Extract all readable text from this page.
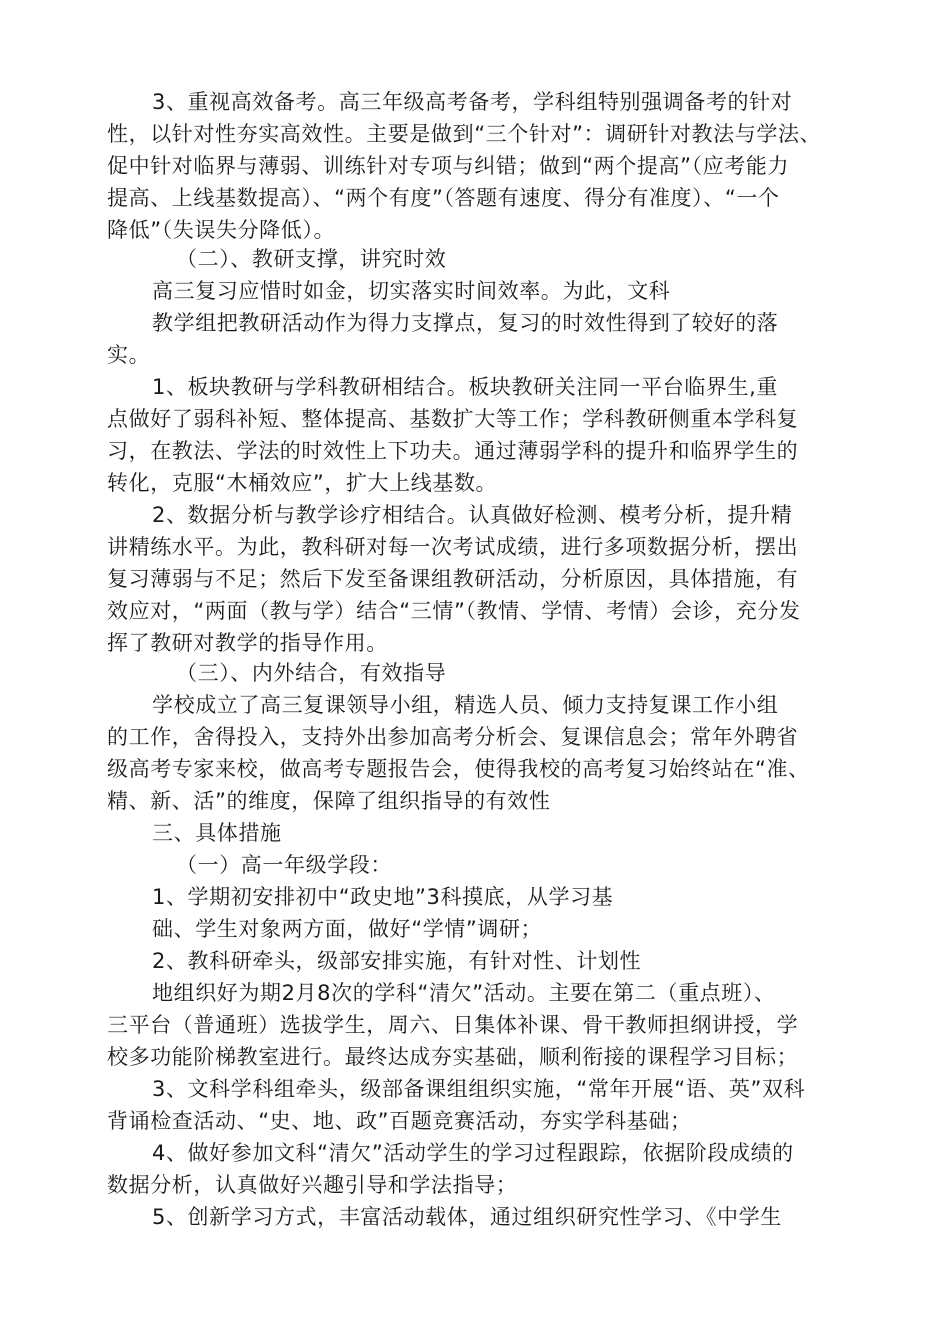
3、重视高效备考。高三年级高考备考，学科组特别强调备考的针对
性，以针对性夯实高效性。主要是做到“三个针对”：调研针对教法与学法、
促中针对临界与薄弱、训练针对专项与纠错；做到“两个提高”（应考能力
提高、上线基数提高）、“两个有度”（答题有速度、得分有准度）、“一个
降低”（失误失分降低）。
（二）、教研支撑，讲究时效
高三复习应惜时如金，切实落实时间效率。为此，文科
教学组把教研活动作为得力支撑点，复习的时效性得到了较好的落
实。
1、板块教研与学科教研相结合。板块教研关注同一平台临界生,重
点做好了弱科补短、整体提高、基数扩大等工作；学科教研侧重本学科复
习，在教法、学法的时效性上下功夫。通过薄弱学科的提升和临界学生的
转化，克服“木桶效应”，扩大上线基数。
2、数据分析与教学诊疗相结合。认真做好检测、模考分析，提升精
讲精练水平。为此，教科研对每一次考试成绩，进行多项数据分析，摆出
复习薄弱与不足；然后下发至备课组教研活动，分析原因，具体措施，有
效应对，“两面（教与学）结合“三情”（教情、学情、考情）会诊，充分发
挥了教研对教学的指导作用。
（三）、内外结合，有效指导
学校成立了高三复课领导小组，精选人员、倾力支持复课工作小组
的工作，舍得投入，支持外出参加高考分析会、复课信息会；常年外聘省
级高考专家来校，做高考专题报告会，使得我校的高考复习始终站在“准、
精、新、活”的维度，保障了组织指导的有效性
三、具体措施
（一）高一年级学段：
1、学期初安排初中“政史地”3科摸底，从学习基
础、学生对象两方面，做好“学情”调研；
2、教科研牵头，级部安排实施，有针对性、计划性
地组织好为期2月8次的学科“清欠”活动。主要在第二（重点班）、
三平台（普通班）选拔学生，周六、日集体补课、骨干教师担纲讲授，学
校多功能阶梯教室进行。最终达成夯实基础，顺利衔接的课程学习目标；
3、文科学科组牵头，级部备课组组织实施，“常年开展“语、英”双科
背诵检查活动、“史、地、政”百题竞赛活动，夯实学科基础；
4、做好参加文科“清欠”活动学生的学习过程跟踪，依据阶段成绩的
数据分析，认真做好兴趣引导和学法指导；
5、创新学习方式，丰富活动载体，通过组织研究性学习、《中学生
